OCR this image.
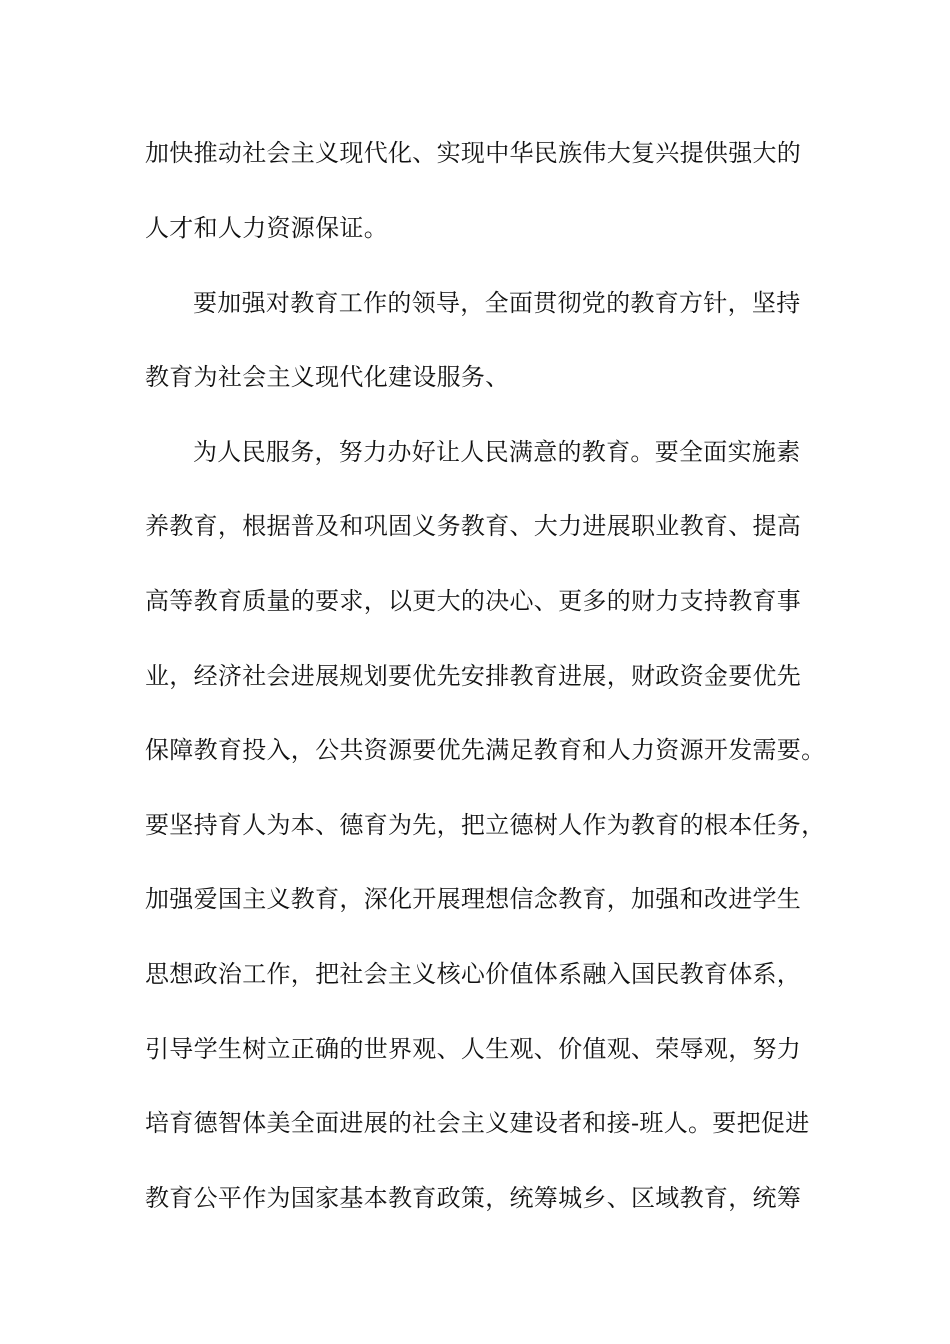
加快推动社会主义现代化、实现中华民族伟大复兴提供强大的
人才和人力资源保证。
要加强对教育工作的领导，全面贯彻党的教育方针，坚持
教育为社会主义现代化建设服务、
为人民服务，努力办好让人民满意的教育。要全面实施素
养教育，根据普及和巩固义务教育、大力进展职业教育、提高
高等教育质量的要求，以更大的决心、更多的财力支持教育事
业，经济社会进展规划要优先安排教育进展，财政资金要优先
保障教育投入，公共资源要优先满足教育和人力资源开发需要。
要坚持育人为本、德育为先，把立德树人作为教育的根本任务，
加强爱国主义教育，深化开展理想信念教育，加强和改进学生
思想政治工作，把社会主义核心价值体系融入国民教育体系，
引导学生树立正确的世界观、人生观、价值观、荣辱观，努力
培育德智体美全面进展的社会主义建设者和接-班人。要把促进
教育公平作为国家基本教育政策，统筹城乡、区域教育，统筹
